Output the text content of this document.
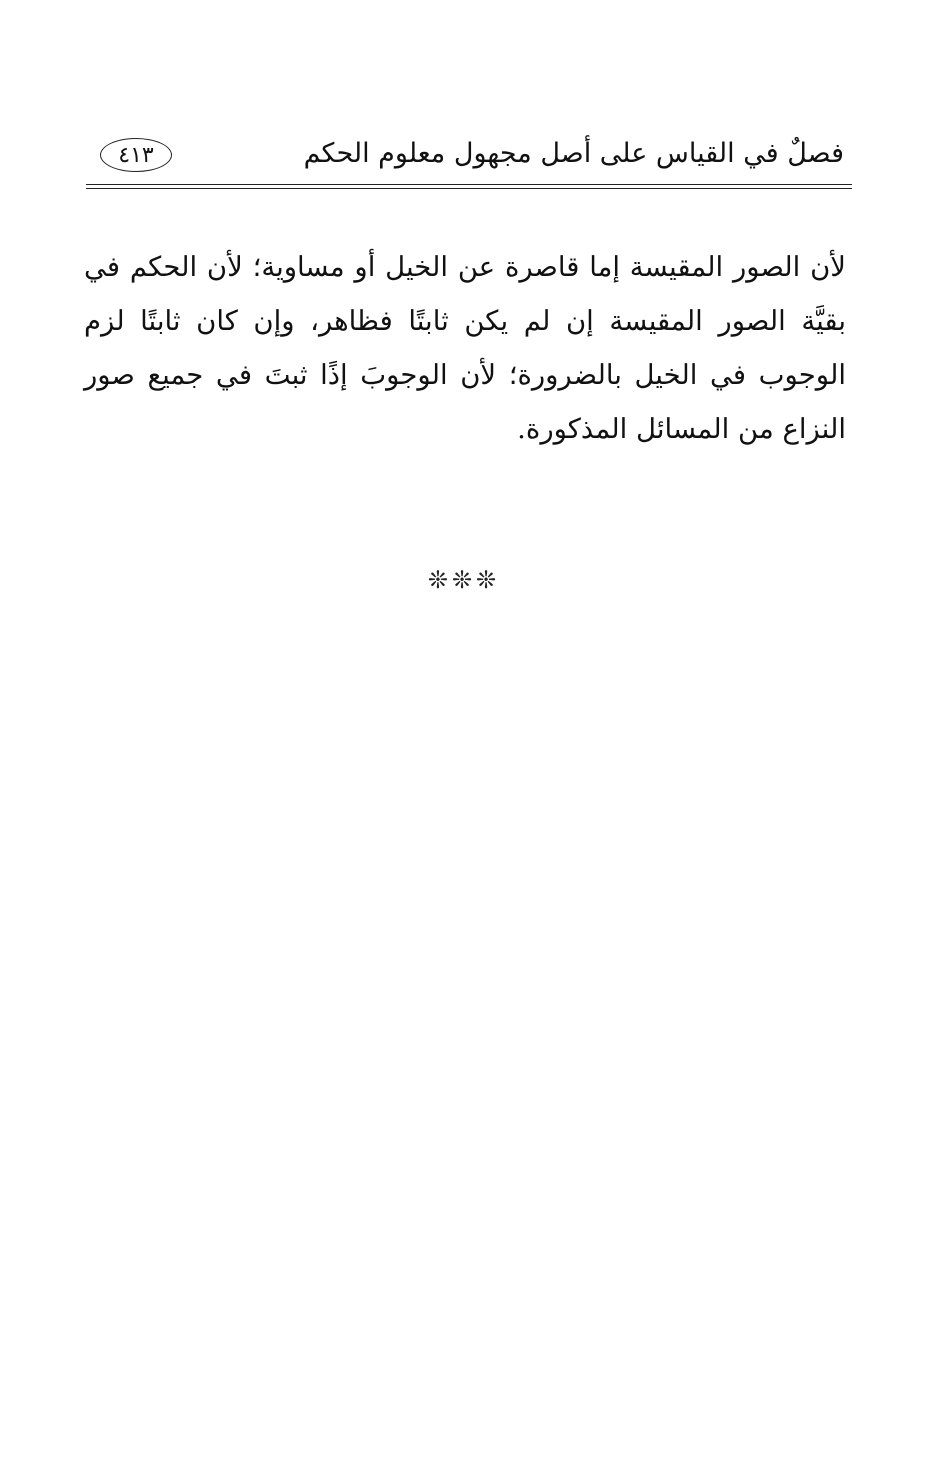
فصلٌ في القياس على أصل مجهول معلوم الحكم
٤١٣

لأن الصور المقيسة إما قاصرة عن الخيل أو مساوية؛ لأن الحكم في بقيَّة الصور المقيسة إن لم يكن ثابتًا فظاهر، وإن كان ثابتًا لزم الوجوب في الخيل بالضرورة؛ لأن الوجوبَ إذًا ثبتَ في جميع صور النزاع من المسائل المذكورة.

❊❊❊
